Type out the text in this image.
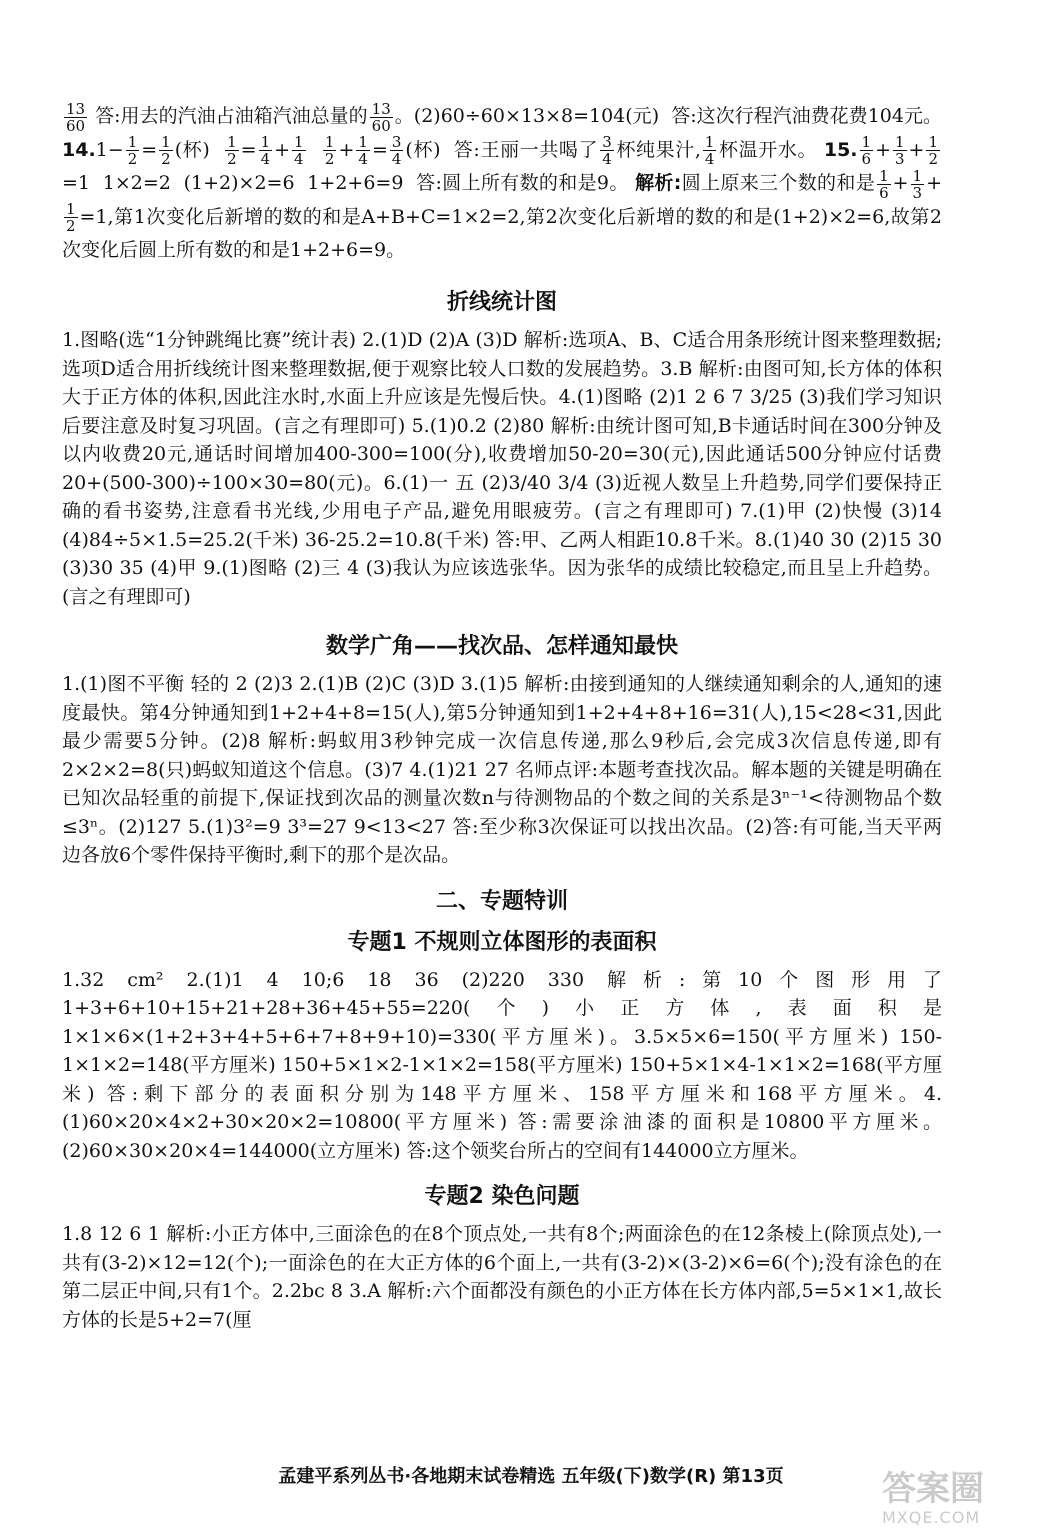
$\frac{13}{60}$ 答:用去的汽油占油箱汽油总量的 $\frac{13}{60}$ 。(2)60÷60×13×8=104(元)  答:这次行程汽油费花费104元。 $14.1- \frac{1}{2} = \frac{1}{2}$ (杯) $\frac{1}{2} = \frac{1}{4} + \frac{1}{4}$
$\frac{1}{2} + \frac{1}{4} = \frac{3}{4}$ (杯)  答:王丽一共喝了 $\frac{3}{4}$ 杯纯果汁, $\frac{1}{4}$ 杯温开水。 15. $\frac{1}{6} + \frac{1}{3} + \frac{1}{2}$
=1  1×2=2  (1+2)×2=6  1+2+6=9  答:圆上所有数的和是9。 解析:圆上原来三个数的和是 $\frac{1}{6} + \frac{1}{3}$ +
$\frac{1}{2} =1$,第1次变化后新增的数的和是A+B+C=1×2=2,第2次变化后新增的数的和是(1+2)×2=6,故第2次变化后圆上所有数的和是1+2+6=9。

折线统计图

1.图略(选“1分钟跳绳比赛”统计表) 2.(1)D (2)A (3)D 解析:选项A、B、C适合用条形统计图来整理数据;选项D适合用折线统计图来整理数据,便于观察比较人口数的发展趋势。3.B 解析:由图可知,长方体的体积大于正方体的体积,因此注水时,水面上升应该是先慢后快。4.(1)图略 (2)1 2 6 7 3/25 (3)我们学习知识后要注意及时复习巩固。(言之有理即可) 5.(1)0.2 (2)80 解析:由统计图可知,B卡通话时间在300分钟及以内收费20元,通话时间增加400-300=100(分),收费增加50-20=30(元),因此通话500分钟应付话费20+(500-300)÷100×30=80(元)。6.(1)一 五 (2)3/40 3/4 (3)近视人数呈上升趋势,同学们要保持正确的看书姿势,注意看书光线,少用电子产品,避免用眼疲劳。(言之有理即可) 7.(1)甲 (2)快慢 (3)14 (4)84÷5×1.5=25.2(千米) 36-25.2=10.8(千米) 答:甲、乙两人相距10.8千米。8.(1)40 30 (2)15 30 (3)30 35 (4)甲 9.(1)图略 (2)三 4 (3)我认为应该选张华。因为张华的成绩比较稳定,而且呈上升趋势。(言之有理即可)

数学广角——找次品、怎样通知最快

1.(1)图不平衡 轻的 2 (2)3 2.(1)B (2)C (3)D 3.(1)5 解析:由接到通知的人继续通知剩余的人,通知的速度最快。第4分钟通知到1+2+4+8=15(人),第5分钟通知到1+2+4+8+16=31(人),15<28<31,因此最少需要5分钟。(2)8 解析:蚂蚁用3秒钟完成一次信息传递,那么9秒后,会完成3次信息传递,即有2×2×2=8(只)蚂蚁知道这个信息。(3)7 4.(1)21 27 名师点评:本题考查找次品。解本题的关键是明确在已知次品轻重的前提下,保证找到次品的测量次数n与待测物品的个数之间的关系是3ⁿ⁻¹<待测物品个数≤3ⁿ。(2)127 5.(1)3²=9 3³=27 9<13<27 答:至少称3次保证可以找出次品。(2)答:有可能,当天平两边各放6个零件保持平衡时,剩下的那个是次品。

二、专题特训
专题1 不规则立体图形的表面积

1.32 cm² 2.(1)1 4 10;6 18 36 (2)220 330 解析:第10个图形用了1+3+6+10+15+21+28+36+45+55=220(个)小正方体,表面积是1×1×6×(1+2+3+4+5+6+7+8+9+10)=330(平方厘米)。3.5×5×6=150(平方厘米) 150-1×1×2=148(平方厘米) 150+5×1×2-1×1×2=158(平方厘米) 150+5×1×4-1×1×2=168(平方厘米) 答:剩下部分的表面积分别为148平方厘米、158平方厘米和168平方厘米。4.(1)60×20×4×2+30×20×2=10800(平方厘米) 答:需要涂油漆的面积是10800平方厘米。(2)60×30×20×4=144000(立方厘米) 答:这个领奖台所占的空间有144000立方厘米。

专题2 染色问题

1.8 12 6 1 解析:小正方体中,三面涂色的在8个顶点处,一共有8个;两面涂色的在12条棱上(除顶点处),一共有(3-2)×12=12(个);一面涂色的在大正方体的6个面上,一共有(3-2)×(3-2)×6=6(个);没有涂色的在第二层正中间,只有1个。2.2bc 8 3.A 解析:六个面都没有颜色的小正方体在长方体内部,5=5×1×1,故长方体的长是5+2=7(厘

孟建平系列丛书·各地期末试卷精选 五年级(下)数学(R) 第13页	答案圈
MXQE.COM
